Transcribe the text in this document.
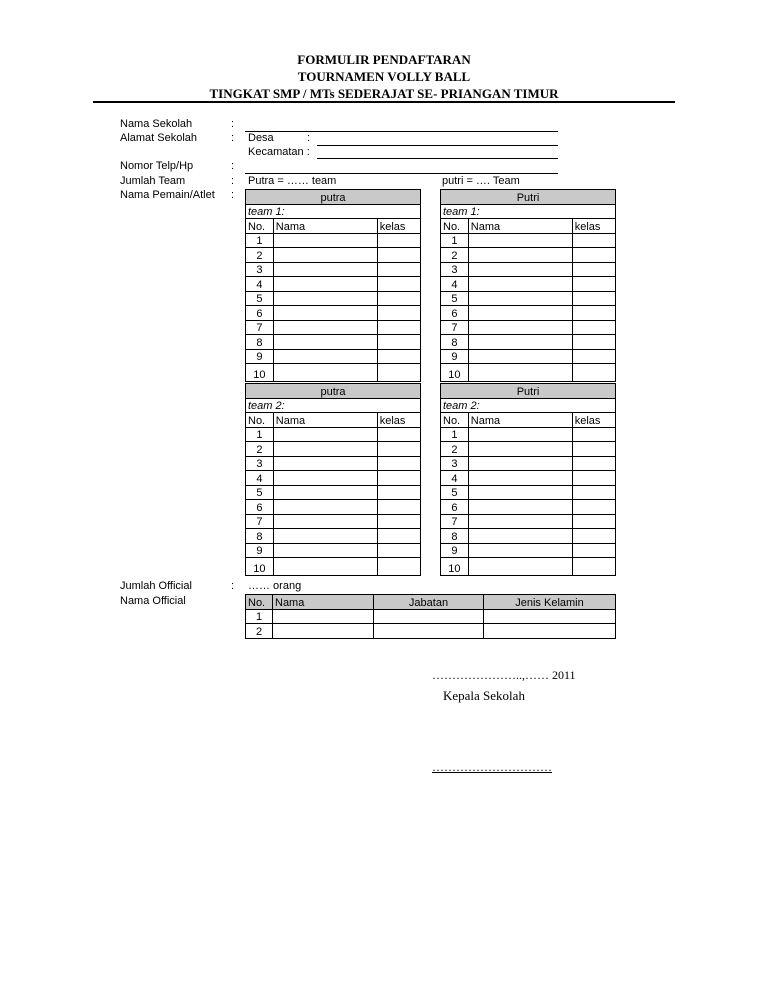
FORMULIR PENDAFTARAN
TOURNAMEN VOLLY BALL
TINGKAT SMP / MTs SEDERAJAT SE- PRIANGAN TIMUR
Nama Sekolah	:
Alamat Sekolah	: Desa	:
Kecamatan :
Nomor Telp/Hp	:
Jumlah Team	: Putra = …… team	putri = …. Team
Nama Pemain/Atlet :	putra		
team 1:		
No.	Nama	kelas
1		
2		
3		
4		
5		
6		
7		
8		
9		
10		
Putri		
team 1:		
No.	Nama	kelas
1		
2		
3		
4		
5		
6		
7		
8		
9		
10		
putra		
team 2:		
No.	Nama	kelas
1		
2		
3		
4		
5		
6		
7		
8		
9		
10		
Putri		
team 2:		
No.	Nama	kelas
1		
2		
3		
4		
5		
6		
7		
8		
9		
10		
Jumlah Official	: …… orang
Nama Official	No.	Nama	Jabatan	Jenis Kelamin
1			
2			
…………………..,…… 2011
Kepala Sekolah
…………………………
